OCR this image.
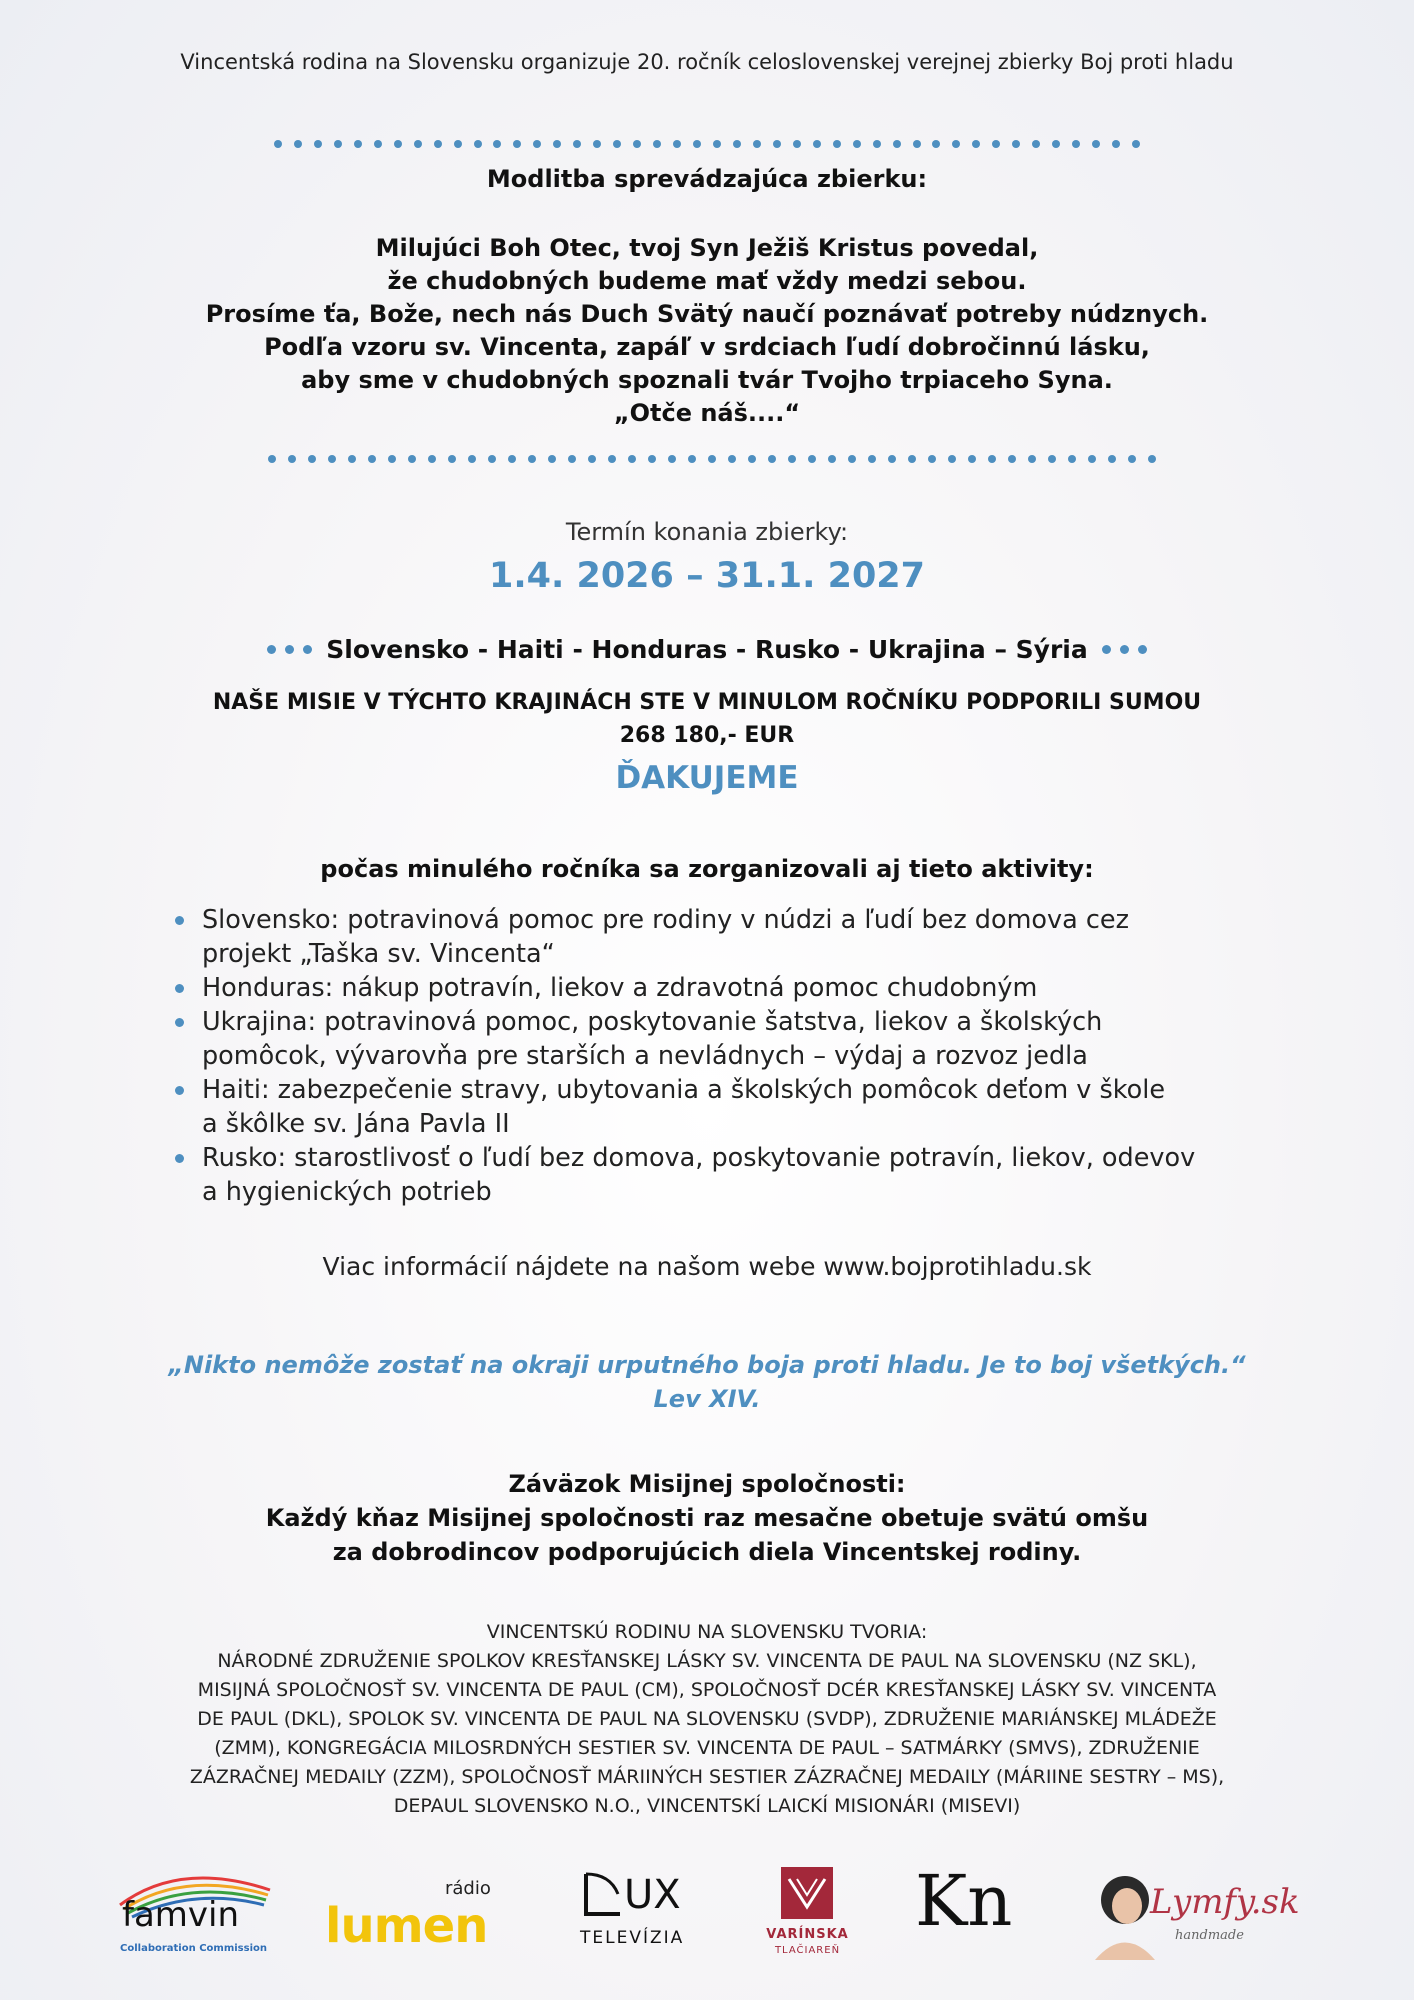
Vincentská rodina na Slovensku organizuje 20. ročník celoslovenskej verejnej zbierky Boj proti hladu
Modlitba sprevádzajúca zbierku:
Milujúci Boh Otec, tvoj Syn Ježiš Kristus povedal,
že chudobných budeme mať vždy medzi sebou.
Prosíme ťa, Bože, nech nás Duch Svätý naučí poznávať potreby núdznych.
Podľa vzoru sv. Vincenta, zapáľ v srdciach ľudí dobročinnú lásku,
aby sme v chudobných spoznali tvár Tvojho trpiaceho Syna.
„Otče náš....“
Termín konania zbierky:
1.4. 2026 – 31.1. 2027
Slovensko - Haiti - Honduras - Rusko - Ukrajina – Sýria
NAŠE MISIE V TÝCHTO KRAJINÁCH STE V MINULOM ROČNÍKU PODPORILI SUMOU
268 180,- EUR
ĎAKUJEME
počas minulého ročníka sa zorganizovali aj tieto aktivity:
Slovensko: potravinová pomoc pre rodiny v núdzi a ľudí bez domova cez
projekt „Taška sv. Vincenta“
Honduras: nákup potravín, liekov a zdravotná pomoc chudobným
Ukrajina: potravinová pomoc, poskytovanie šatstva, liekov a školských
pomôcok, vývarovňa pre starších a nevládnych – výdaj a rozvoz jedla
Haiti: zabezpečenie stravy, ubytovania a školských pomôcok deťom v škole
a škôlke sv. Jána Pavla II
Rusko: starostlivosť o ľudí bez domova, poskytovanie potravín, liekov, odevov
a hygienických potrieb
Viac informácií nájdete na našom webe www.bojprotihladu.sk
„Nikto nemôže zostať na okraji urputného boja proti hladu. Je to boj všetkých.“
Lev XIV.
Záväzok Misijnej spoločnosti:
Každý kňaz Misijnej spoločnosti raz mesačne obetuje svätú omšu
za dobrodincov podporujúcich diela Vincentskej rodiny.
VINCENTSKÚ RODINU NA SLOVENSKU TVORIA:
NÁRODNÉ ZDRUŽENIE SPOLKOV KRESŤANSKEJ LÁSKY SV. VINCENTA DE PAUL NA SLOVENSKU (NZ SKL),
MISIJNÁ SPOLOČNOSŤ SV. VINCENTA DE PAUL (CM), SPOLOČNOSŤ DCÉR KRESŤANSKEJ LÁSKY SV. VINCENTA
DE PAUL (DKL), SPOLOK SV. VINCENTA DE PAUL NA SLOVENSKU (SVDP), ZDRUŽENIE MARIÁNSKEJ MLÁDEŽE
(ZMM), KONGREGÁCIA MILOSRDNÝCH SESTIER SV. VINCENTA DE PAUL – SATMÁRKY (SMVS), ZDRUŽENIE
ZÁZRAČNEJ MEDAILY (ZZM), SPOLOČNOSŤ MÁRIINÝCH SESTIER ZÁZRAČNEJ MEDAILY (MÁRIINE SESTRY – MS),
DEPAUL SLOVENSKO N.O., VINCENTSKÍ LAICKÍ MISIONÁRI (MISEVI)
famvin
Collaboration Commission
rádio
lumen
UX
TELEVÍZIA	VARÍNSKA
TLAČIAREŇ
Kn	Lymfy.sk
handmade
